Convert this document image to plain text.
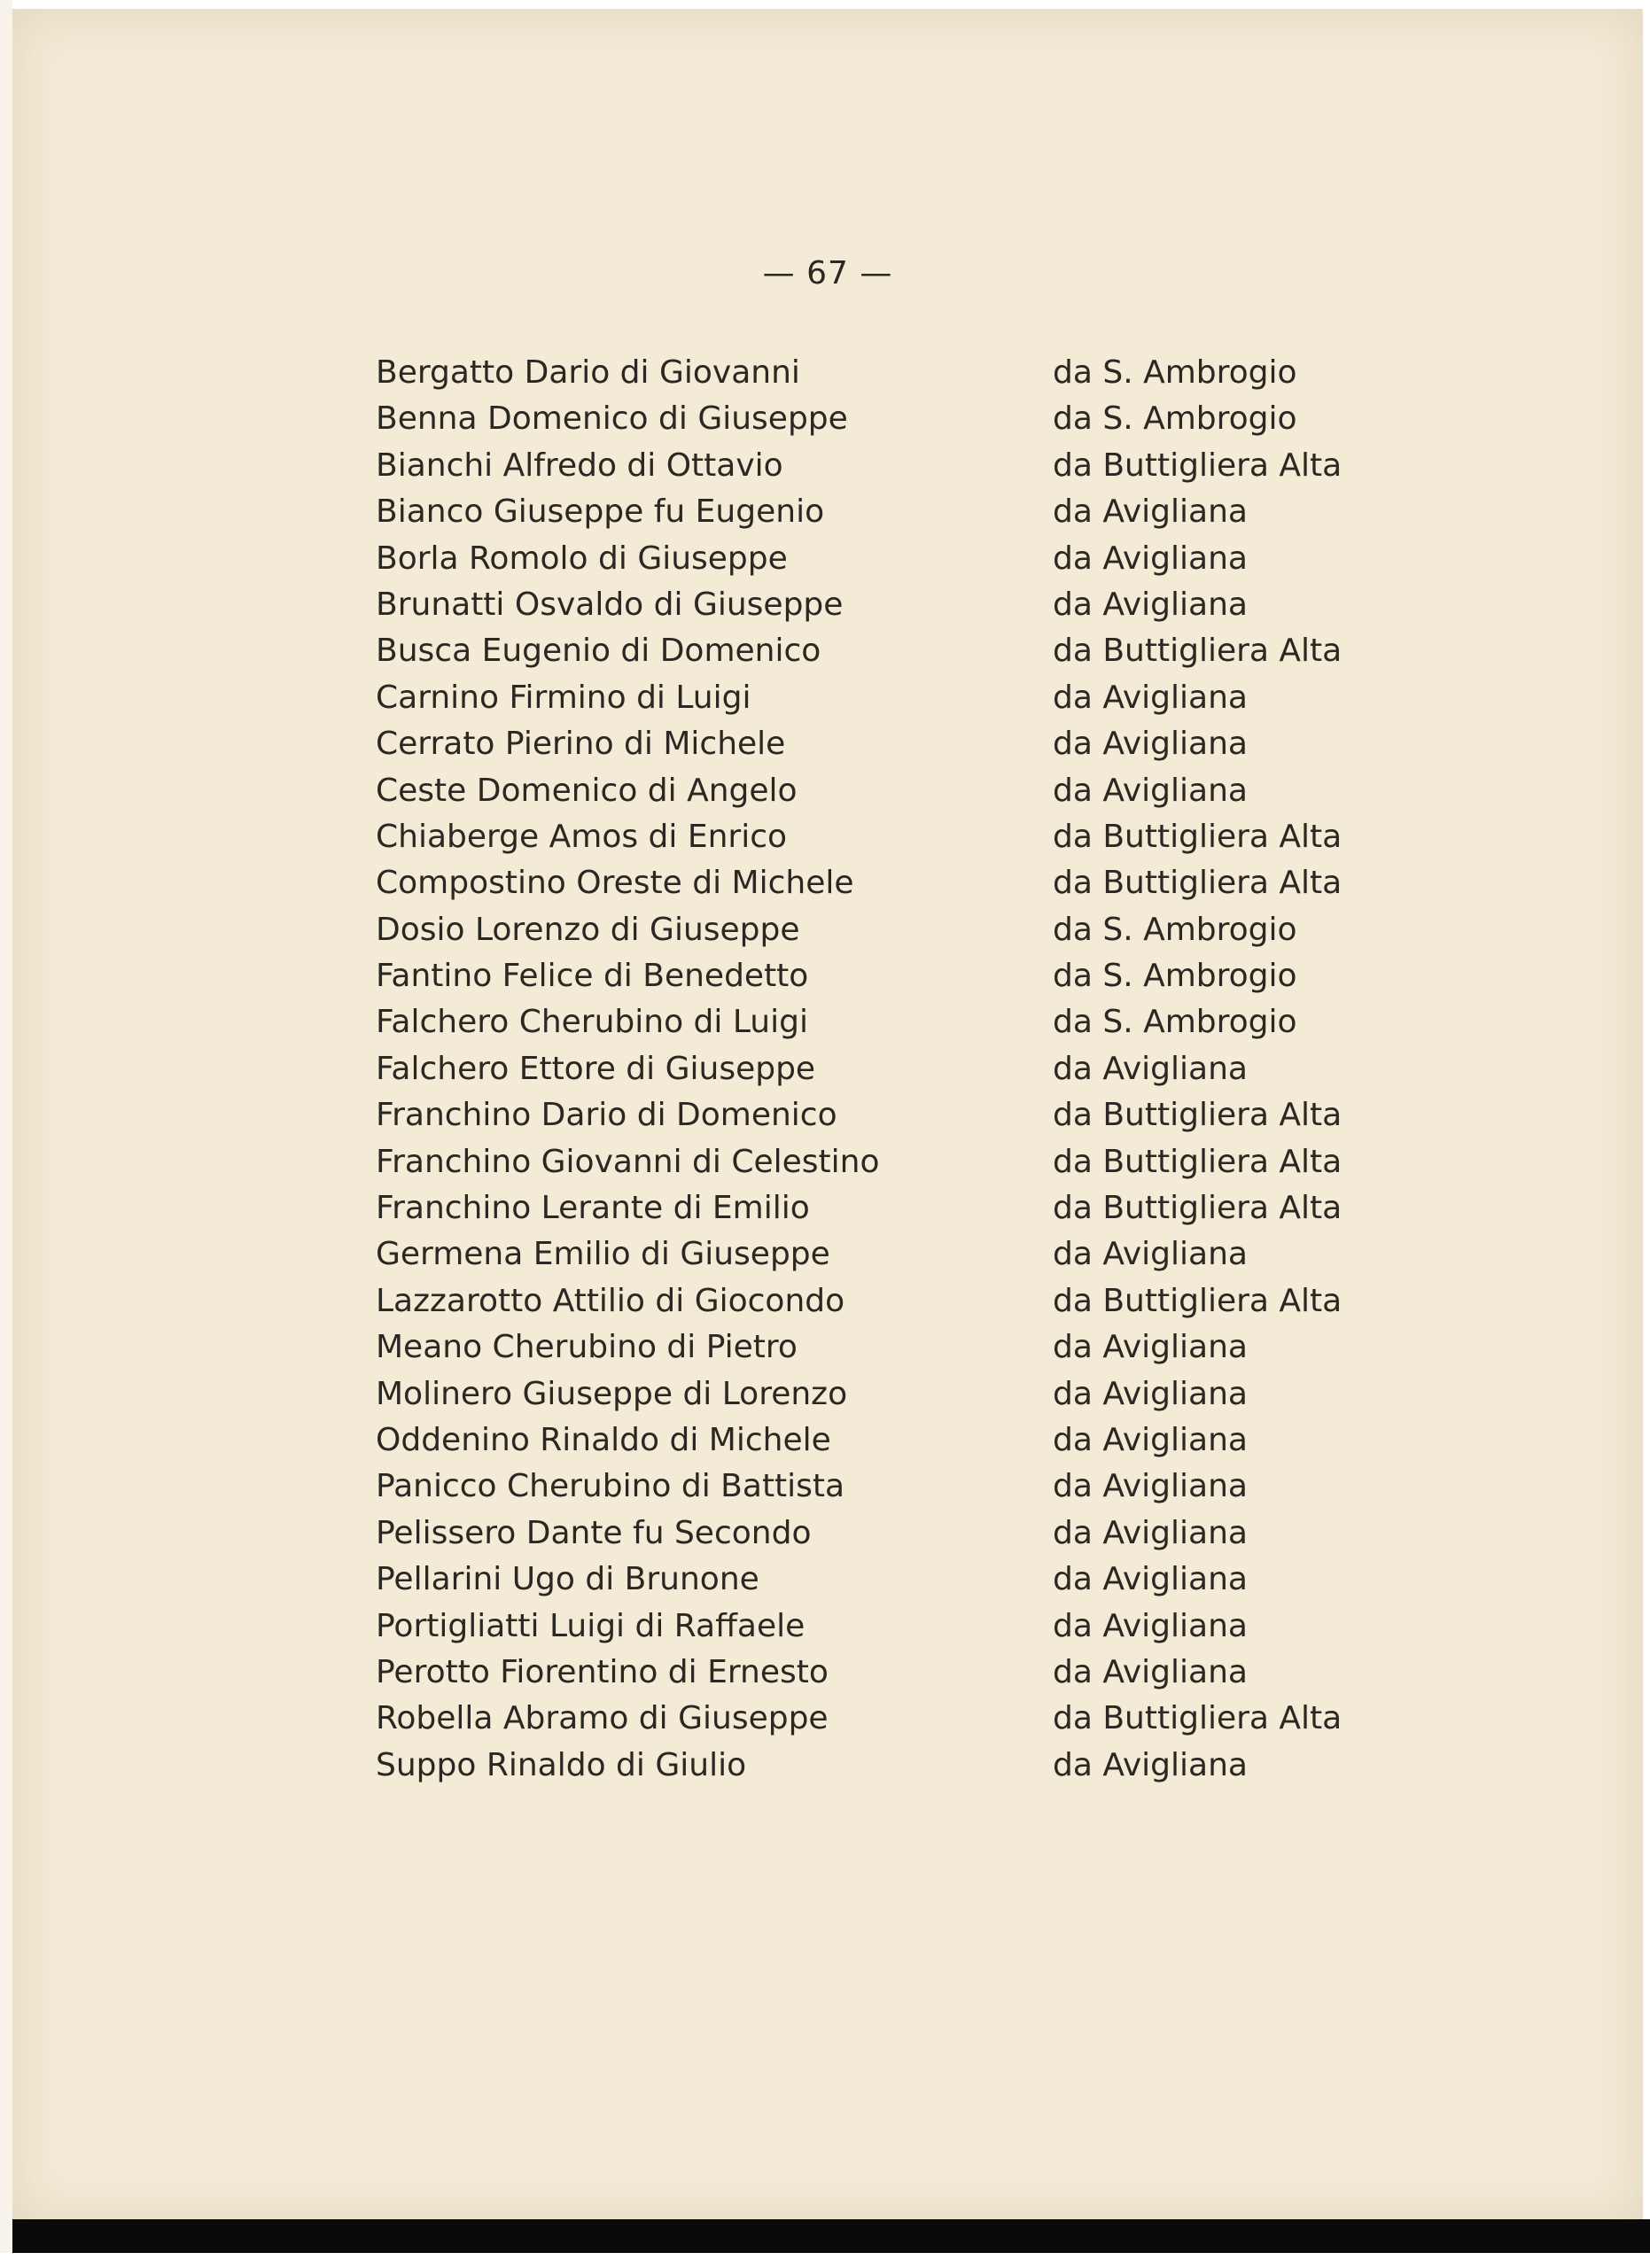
— 67 —
Bergatto Dario di Giovanni	da S. Ambrogio
Benna Domenico di Giuseppe	da S. Ambrogio
Bianchi Alfredo di Ottavio	da Buttigliera Alta
Bianco Giuseppe fu Eugenio	da Avigliana
Borla Romolo di Giuseppe	da Avigliana
Brunatti Osvaldo di Giuseppe	da Avigliana
Busca Eugenio di Domenico	da Buttigliera Alta
Carnino Firmino di Luigi	da Avigliana
Cerrato Pierino di Michele	da Avigliana
Ceste Domenico di Angelo	da Avigliana
Chiaberge Amos di Enrico	da Buttigliera Alta
Compostino Oreste di Michele	da Buttigliera Alta
Dosio Lorenzo di Giuseppe	da S. Ambrogio
Fantino Felice di Benedetto	da S. Ambrogio
Falchero Cherubino di Luigi	da S. Ambrogio
Falchero Ettore di Giuseppe	da Avigliana
Franchino Dario di Domenico	da Buttigliera Alta
Franchino Giovanni di Celestino	da Buttigliera Alta
Franchino Lerante di Emilio	da Buttigliera Alta
Germena Emilio di Giuseppe	da Avigliana
Lazzarotto Attilio di Giocondo	da Buttigliera Alta
Meano Cherubino di Pietro	da Avigliana
Molinero Giuseppe di Lorenzo	da Avigliana
Oddenino Rinaldo di Michele	da Avigliana
Panicco Cherubino di Battista	da Avigliana
Pelissero Dante fu Secondo	da Avigliana
Pellarini Ugo di Brunone	da Avigliana
Portigliatti Luigi di Raffaele	da Avigliana
Perotto Fiorentino di Ernesto	da Avigliana
Robella Abramo di Giuseppe	da Buttigliera Alta
Suppo Rinaldo di Giulio	da Avigliana
